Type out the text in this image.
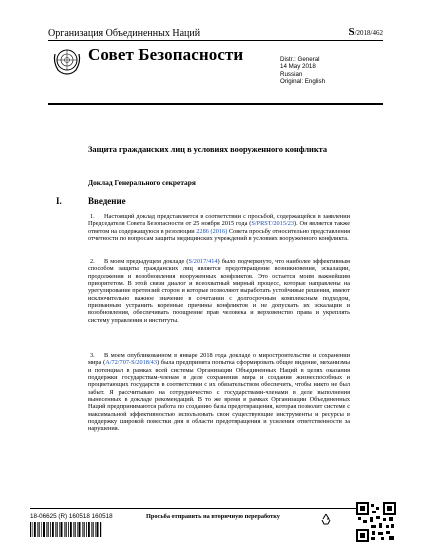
Организация Объединенных Наций	S/2018/462
Совет Безопасности	Distr.: General
14 May 2018
Russian
Original: English
Защита гражданских лиц в условиях вооруженного конфликта
Доклад Генерального секретаря
I.	Введение
1. Настоящий доклад представляется в соответствии с просьбой, содержащейся в заявлении Председателя Совета Безопасности от 25 ноября 2015 года (S/PRST/2015/23). Он является также ответом на содержащуюся в резолюции 2286 (2016) Совета просьбу относительно представления отчетности по вопросам защиты медицинских учреждений в условиях вооруженного конфликта.
2. В моем предыдущем докладе (S/2017/414) было подчеркнуто, что наиболее эффективным способом защиты гражданских лиц является предотвращение возникновения, эскалации, продолжения и возобновления вооруженных конфликтов. Это остается моим важнейшим приоритетом. В этой связи диалог и всеохватный мирный процесс, которые направлены на урегулирование претензий сторон и которые позволяют выработать устойчивые решения, имеют исключительно важное значение в сочетании с долгосрочным комплексным подходом, призванным устранить коренные причины конфликтов и не допускать их эскалации и возобновления, обеспечивать поощрение прав человека и верховенство права и укреплять систему управления и институты.
3. В моем опубликованном в январе 2018 года докладе о миростроительстве и сохранении мира (A/72/707-S/2018/43) была предпринята попытка сформировать общее видение, механизмы и потенциал в рамках всей системы Организации Объединенных Наций в целях оказания поддержки государствам-членам в деле сохранения мира и создания жизнеспособных и процветающих государств в соответствии с их обязательством обеспечить, чтобы никто не был забыт. Я рассчитываю на сотрудничество с государствами-членами в деле выполнения вынесенных в докладе рекомендаций. В то же время в рамках Организации Объединенных Наций предпринимаются работа по созданию базы предотвращения, которая позволит системе с максимальной эффективностью использовать свои существующие инструменты и ресурсы в поддержку широкой повестки дня в области предотвращения и усиления ответственности за нарушения.
18-06625 (R) 160518 160518	Просьба отправить на вторичную переработку
